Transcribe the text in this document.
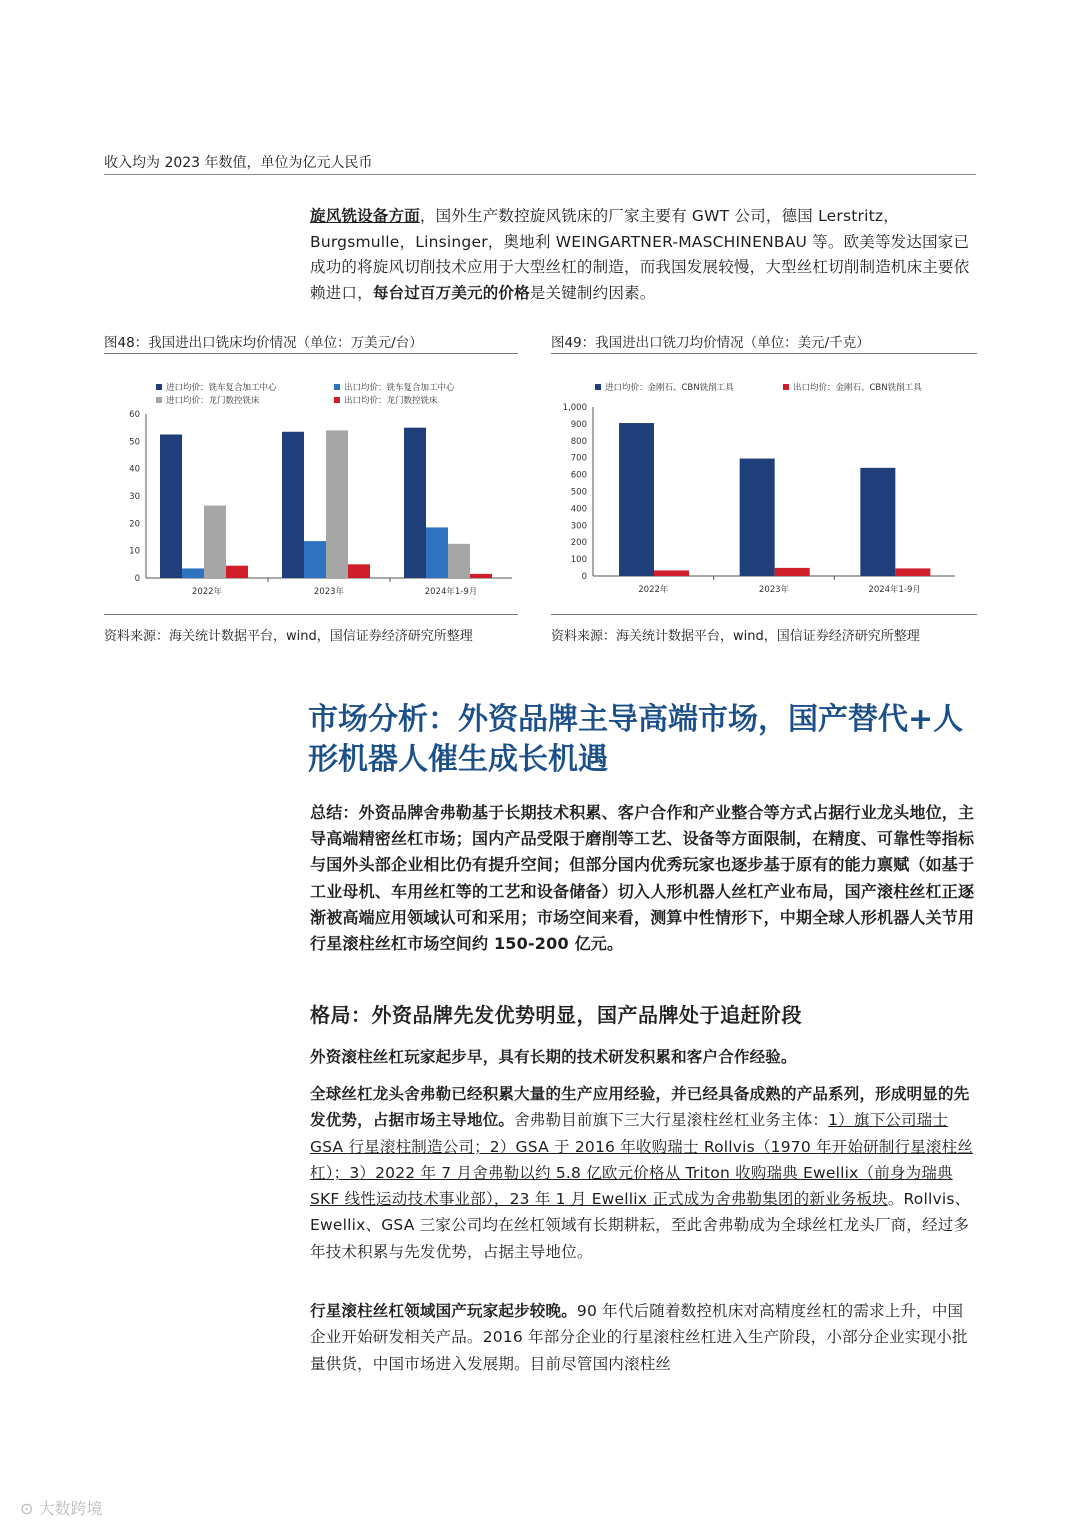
收入均为 2023 年数值，单位为亿元人民币
旋风铣设备方面，国外生产数控旋风铣床的厂家主要有 GWT 公司，德国 Lerstritz，Burgsmulle，Linsinger，奥地利 WEINGARTNER-MASCHINENBAU 等。欧美等发达国家已成功的将旋风切削技术应用于大型丝杠的制造，而我国发展较慢，大型丝杠切削制造机床主要依赖进口，每台过百万美元的价格是关键制约因素。
图48：我国进出口铣床均价情况（单位：万美元/台）
进口均价：铣车复合加工中心	出口均价：铣车复合加工中心
进口均价：龙门数控铣床	出口均价：龙门数控铣床
0
10
20
30
40
50
60
2022年	2023年	2024年1-9月
资料来源：海关统计数据平台，wind，国信证券经济研究所整理
图49：我国进出口铣刀均价情况（单位：美元/千克）
进口均价：金刚石、CBN铣削工具	出口均价：金刚石、CBN铣削工具
0
100
200
300
400
500
600
700
800
900
1,000
2022年	2023年	2024年1-9月
资料来源：海关统计数据平台，wind，国信证券经济研究所整理
市场分析：外资品牌主导高端市场，国产替代+人形机器人催生成长机遇
总结：外资品牌舍弗勒基于长期技术积累、客户合作和产业整合等方式占据行业龙头地位，主导高端精密丝杠市场；国内产品受限于磨削等工艺、设备等方面限制，在精度、可靠性等指标与国外头部企业相比仍有提升空间；但部分国内优秀玩家也逐步基于原有的能力禀赋（如基于工业母机、车用丝杠等的工艺和设备储备）切入人形机器人丝杠产业布局，国产滚柱丝杠正逐渐被高端应用领域认可和采用；市场空间来看，测算中性情形下，中期全球人形机器人关节用行星滚柱丝杠市场空间约 150-200 亿元。
格局：外资品牌先发优势明显，国产品牌处于追赶阶段
外资滚柱丝杠玩家起步早，具有长期的技术研发积累和客户合作经验。
全球丝杠龙头舍弗勒已经积累大量的生产应用经验，并已经具备成熟的产品系列，形成明显的先发优势，占据市场主导地位。舍弗勒目前旗下三大行星滚柱丝杠业务主体：1）旗下公司瑞士 GSA 行星滚柱制造公司；2）GSA 于 2016 年收购瑞士 Rollvis（1970 年开始研制行星滚柱丝杠）；3）2022 年 7 月舍弗勒以约 5.8 亿欧元价格从 Triton 收购瑞典 Ewellix（前身为瑞典 SKF 线性运动技术事业部），23 年 1 月 Ewellix 正式成为舍弗勒集团的新业务板块。Rollvis、Ewellix、GSA 三家公司均在丝杠领域有长期耕耘，至此舍弗勒成为全球丝杠龙头厂商，经过多年技术积累与先发优势，占据主导地位。
行星滚柱丝杠领域国产玩家起步较晚。90 年代后随着数控机床对高精度丝杠的需求上升，中国企业开始研发相关产品。2016 年部分企业的行星滚柱丝杠进入生产阶段，小部分企业实现小批量供货，中国市场进入发展期。目前尽管国内滚柱丝
⊙ 大数跨境
